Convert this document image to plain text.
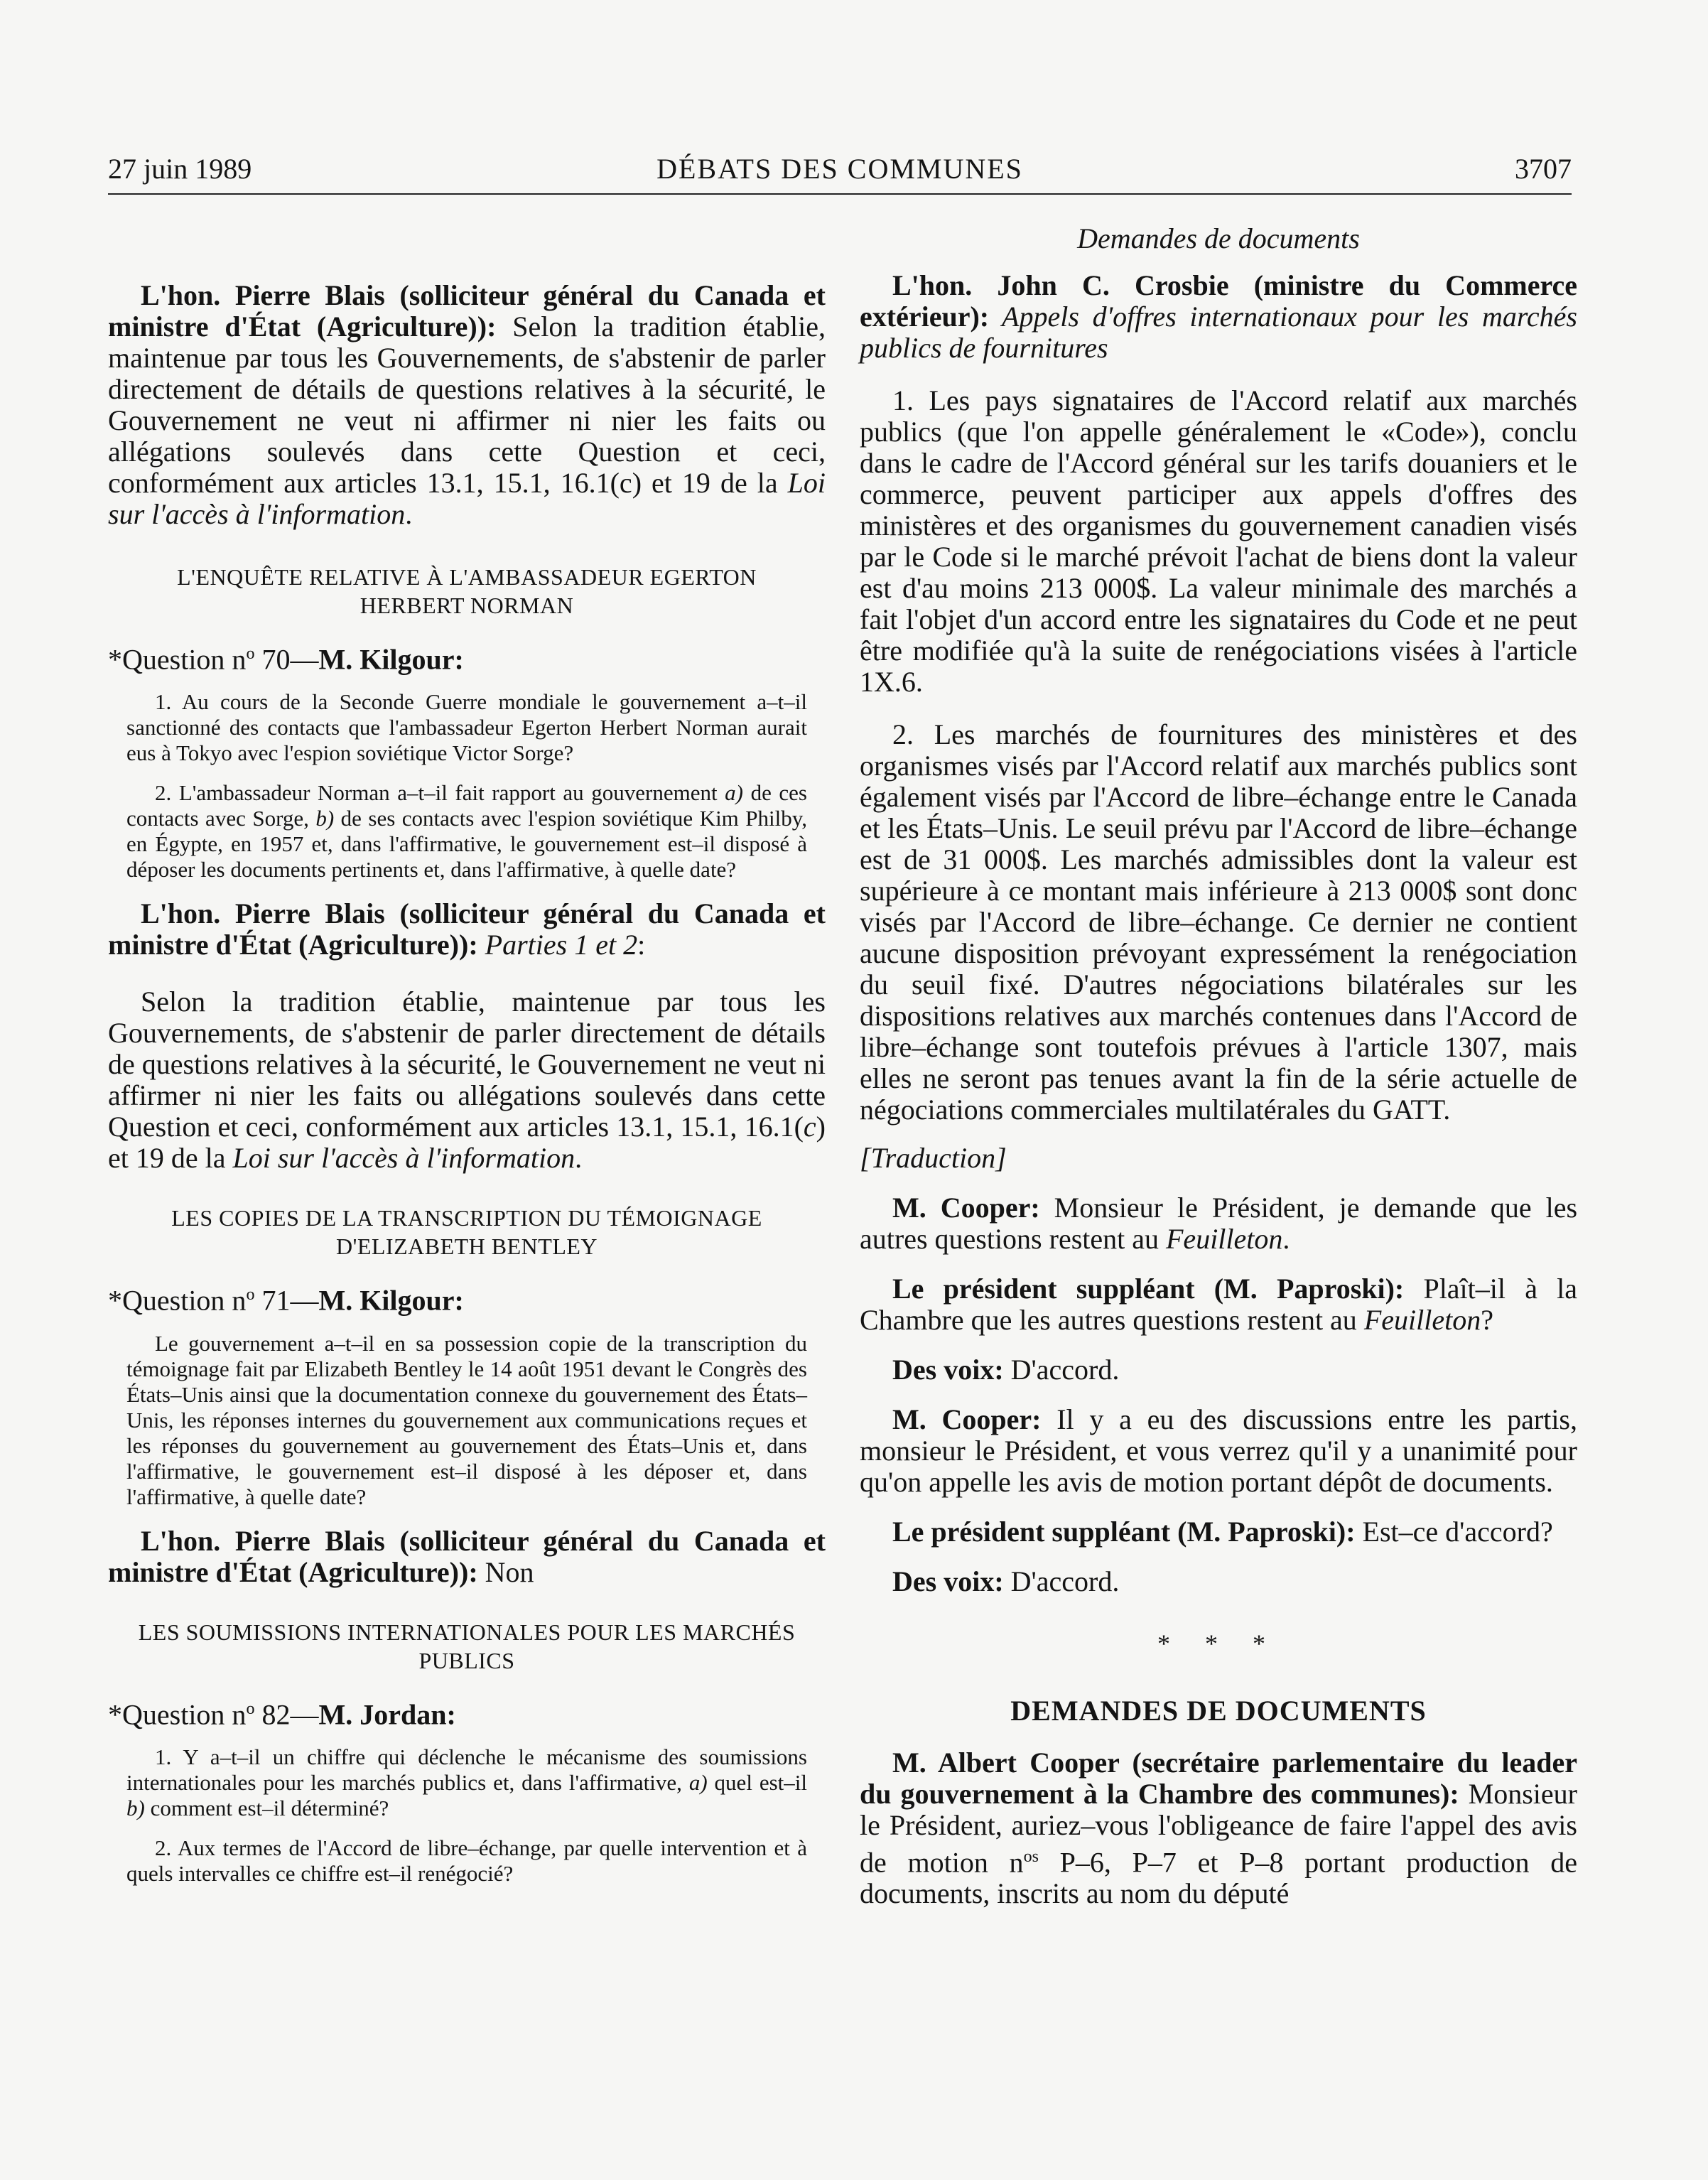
27 juin 1989	DÉBATS DES COMMUNES	3707

L'hon. Pierre Blais (solliciteur général du Canada et ministre d'État (Agriculture)): Selon la tradition établie, maintenue par tous les Gouvernements, de s'abstenir de parler directement de détails de questions relatives à la sécurité, le Gouvernement ne veut ni affirmer ni nier les faits ou allégations soulevés dans cette Question et ceci, conformément aux articles 13.1, 15.1, 16.1(c) et 19 de la Loi sur l'accès à l'information.

L'ENQUÊTE RELATIVE À L'AMBASSADEUR EGERTON HERBERT NORMAN

*Question $n^o$ 70—M. Kilgour:

1. Au cours de la Seconde Guerre mondiale le gouvernement a–t–il sanctionné des contacts que l'ambassadeur Egerton Herbert Norman aurait eus à Tokyo avec l'espion soviétique Victor Sorge?

2. L'ambassadeur Norman a–t–il fait rapport au gouvernement a) de ces contacts avec Sorge, b) de ses contacts avec l'espion soviétique Kim Philby, en Égypte, en 1957 et, dans l'affirmative, le gouvernement est–il disposé à déposer les documents pertinents et, dans l'affirmative, à quelle date?

L'hon. Pierre Blais (solliciteur général du Canada et ministre d'État (Agriculture)): Parties 1 et 2:

Selon la tradition établie, maintenue par tous les Gouvernements, de s'abstenir de parler directement de détails de questions relatives à la sécurité, le Gouvernement ne veut ni affirmer ni nier les faits ou allégations soulevés dans cette Question et ceci, conformément aux articles 13.1, 15.1, 16.1(c) et 19 de la Loi sur l'accès à l'information.

LES COPIES DE LA TRANSCRIPTION DU TÉMOIGNAGE D'ELIZABETH BENTLEY

*Question $n^o$ 71—M. Kilgour:

Le gouvernement a–t–il en sa possession copie de la transcription du témoignage fait par Elizabeth Bentley le 14 août 1951 devant le Congrès des États–Unis ainsi que la documentation connexe du gouvernement des États–Unis, les réponses internes du gouvernement aux communications reçues et les réponses du gouvernement au gouvernement des États–Unis et, dans l'affirmative, le gouvernement est–il disposé à les déposer et, dans l'affirmative, à quelle date?

L'hon. Pierre Blais (solliciteur général du Canada et ministre d'État (Agriculture)): Non

LES SOUMISSIONS INTERNATIONALES POUR LES MARCHÉS PUBLICS

*Question $n^o$ 82—M. Jordan:

1. Y a–t–il un chiffre qui déclenche le mécanisme des soumissions internationales pour les marchés publics et, dans l'affirmative, a) quel est–il b) comment est–il déterminé?

2. Aux termes de l'Accord de libre–échange, par quelle intervention et à quels intervalles ce chiffre est–il renégocié?

Demandes de documents

L'hon. John C. Crosbie (ministre du Commerce extérieur): Appels d'offres internationaux pour les marchés publics de fournitures

1. Les pays signataires de l'Accord relatif aux marchés publics (que l'on appelle généralement le «Code»), conclu dans le cadre de l'Accord général sur les tarifs douaniers et le commerce, peuvent participer aux appels d'offres des ministères et des organismes du gouvernement canadien visés par le Code si le marché prévoit l'achat de biens dont la valeur est d'au moins 213 000$. La valeur minimale des marchés a fait l'objet d'un accord entre les signataires du Code et ne peut être modifiée qu'à la suite de renégociations visées à l'article 1X.6.

2. Les marchés de fournitures des ministères et des organismes visés par l'Accord relatif aux marchés publics sont également visés par l'Accord de libre–échange entre le Canada et les États–Unis. Le seuil prévu par l'Accord de libre–échange est de 31 000$. Les marchés admissibles dont la valeur est supérieure à ce montant mais inférieure à 213 000$ sont donc visés par l'Accord de libre–échange. Ce dernier ne contient aucune disposition prévoyant expressément la renégociation du seuil fixé. D'autres négociations bilatérales sur les dispositions relatives aux marchés contenues dans l'Accord de libre–échange sont toutefois prévues à l'article 1307, mais elles ne seront pas tenues avant la fin de la série actuelle de négociations commerciales multilatérales du GATT.

[Traduction]

M. Cooper: Monsieur le Président, je demande que les autres questions restent au Feuilleton.

Le président suppléant (M. Paproski): Plaît–il à la Chambre que les autres questions restent au Feuilleton?

Des voix: D'accord.

M. Cooper: Il y a eu des discussions entre les partis, monsieur le Président, et vous verrez qu'il y a unanimité pour qu'on appelle les avis de motion portant dépôt de documents.

Le président suppléant (M. Paproski): Est–ce d'accord?

Des voix: D'accord.

* * *

DEMANDES DE DOCUMENTS

M. Albert Cooper (secrétaire parlementaire du leader du gouvernement à la Chambre des communes): Monsieur le Président, auriez–vous l'obligeance de faire l'appel des avis de motion $n^{os}$ P–6, P–7 et P–8 portant production de documents, inscrits au nom du député
